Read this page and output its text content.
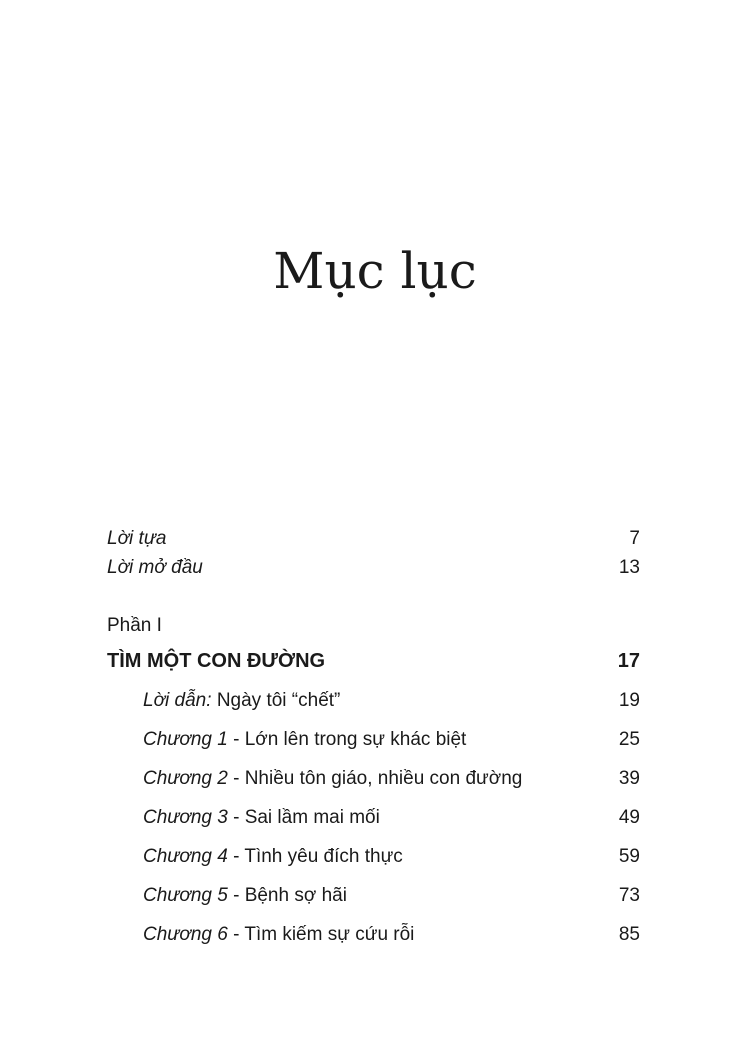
Mục lục
Lời tựa	7
Lời mở đầu	13
Phần I
TÌM MỘT CON ĐƯỜNG	17
Lời dẫn: Ngày tôi “chết”	19
Chương 1 - Lớn lên trong sự khác biệt	25
Chương 2 - Nhiều tôn giáo, nhiều con đường	39
Chương 3 - Sai lầm mai mối	49
Chương 4 - Tình yêu đích thực	59
Chương 5 - Bệnh sợ hãi	73
Chương 6 - Tìm kiếm sự cứu rỗi	85
